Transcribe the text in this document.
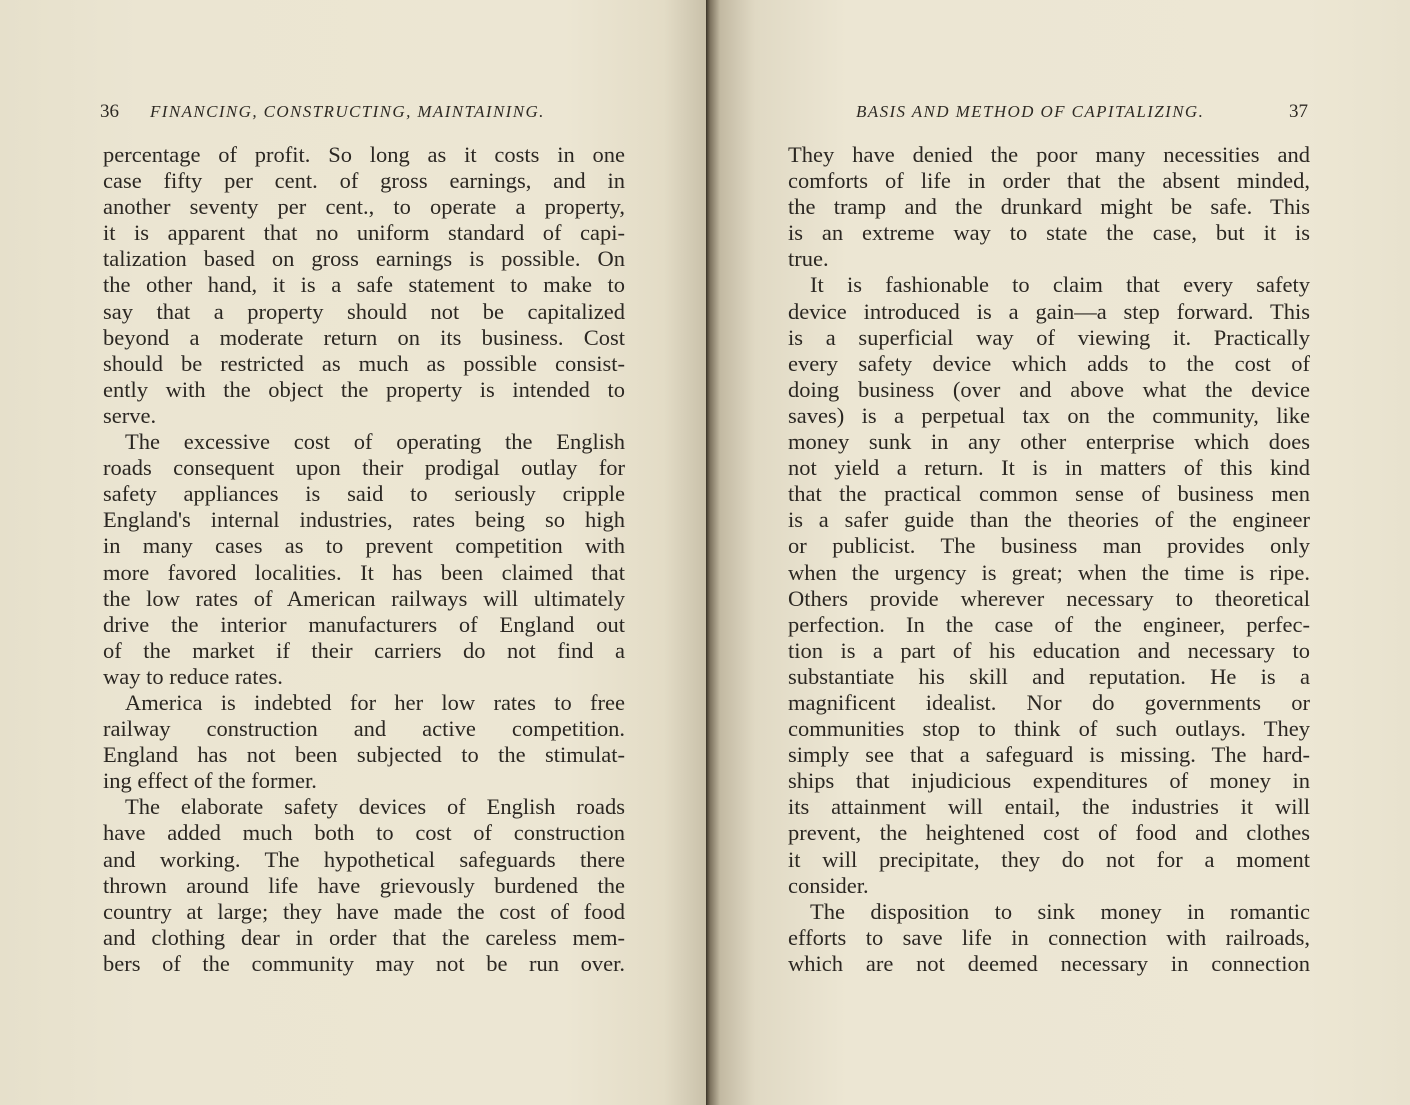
36 FINANCING, CONSTRUCTING, MAINTAINING.
percentage of profit. So long as it costs in one
case fifty per cent. of gross earnings, and in
another seventy per cent., to operate a property,
it is apparent that no uniform standard of capi-
talization based on gross earnings is possible. On
the other hand, it is a safe statement to make to
say that a property should not be capitalized
beyond a moderate return on its business. Cost
should be restricted as much as possible consist-
ently with the object the property is intended to
serve.
The excessive cost of operating the English
roads consequent upon their prodigal outlay for
safety appliances is said to seriously cripple
England's internal industries, rates being so high
in many cases as to prevent competition with
more favored localities. It has been claimed that
the low rates of American railways will ultimately
drive the interior manufacturers of England out
of the market if their carriers do not find a
way to reduce rates.
America is indebted for her low rates to free
railway construction and active competition.
England has not been subjected to the stimulat-
ing effect of the former.
The elaborate safety devices of English roads
have added much both to cost of construction
and working. The hypothetical safeguards there
thrown around life have grievously burdened the
country at large; they have made the cost of food
and clothing dear in order that the careless mem-
bers of the community may not be run over.
BASIS AND METHOD OF CAPITALIZING.	37
They have denied the poor many necessities and
comforts of life in order that the absent minded,
the tramp and the drunkard might be safe. This
is an extreme way to state the case, but it is
true.
It is fashionable to claim that every safety
device introduced is a gain—a step forward. This
is a superficial way of viewing it. Practically
every safety device which adds to the cost of
doing business (over and above what the device
saves) is a perpetual tax on the community, like
money sunk in any other enterprise which does
not yield a return. It is in matters of this kind
that the practical common sense of business men
is a safer guide than the theories of the engineer
or publicist. The business man provides only
when the urgency is great; when the time is ripe.
Others provide wherever necessary to theoretical
perfection. In the case of the engineer, perfec-
tion is a part of his education and necessary to
substantiate his skill and reputation. He is a
magnificent idealist. Nor do governments or
communities stop to think of such outlays. They
simply see that a safeguard is missing. The hard-
ships that injudicious expenditures of money in
its attainment will entail, the industries it will
prevent, the heightened cost of food and clothes
it will precipitate, they do not for a moment
consider.
The disposition to sink money in romantic
efforts to save life in connection with railroads,
which are not deemed necessary in connection
